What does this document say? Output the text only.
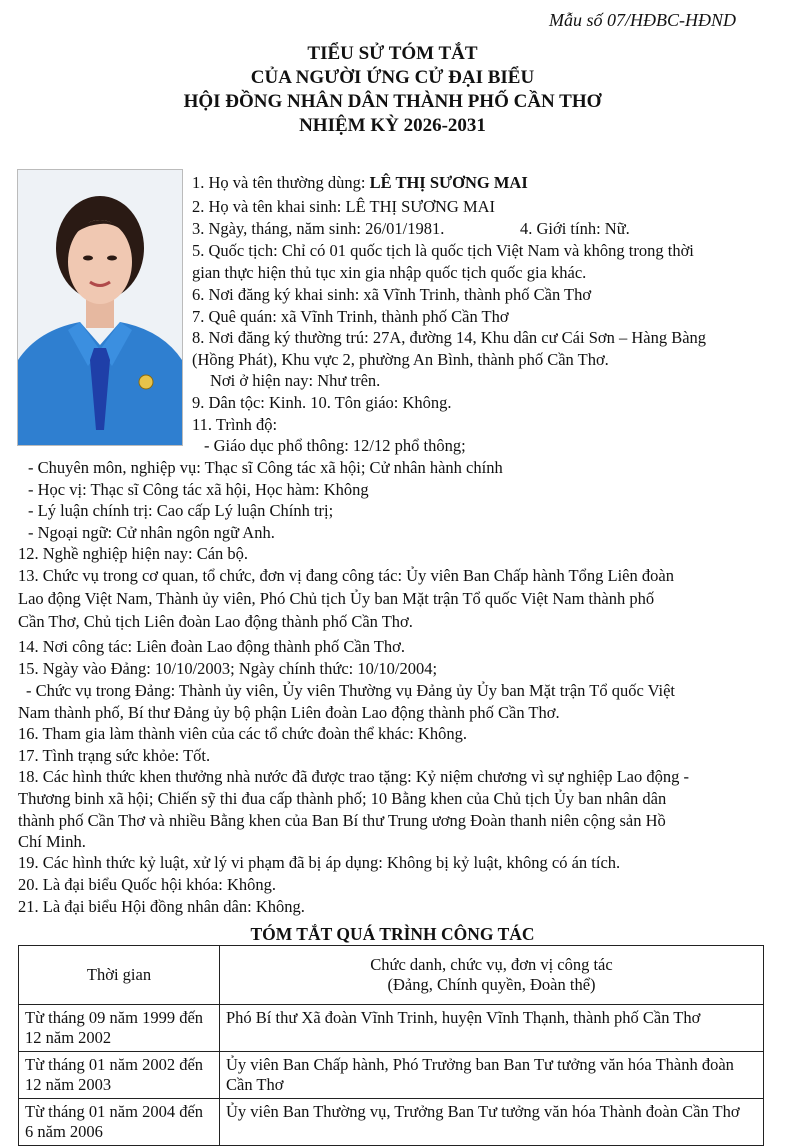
Mẫu số 07/HĐBC-HĐND
TIỂU SỬ TÓM TẮT
CỦA NGƯỜI ỨNG CỬ ĐẠI BIỂU
HỘI ĐỒNG NHÂN DÂN THÀNH PHỐ CẦN THƠ
NHIỆM KỲ 2026-2031
1. Họ và tên thường dùng: LÊ THỊ SƯƠNG MAI
2. Họ và tên khai sinh: LÊ THỊ SƯƠNG MAI
3. Ngày, tháng, năm sinh: 26/01/1981.	4. Giới tính: Nữ.
5. Quốc tịch: Chỉ có 01 quốc tịch là quốc tịch Việt Nam và không trong thời
gian thực hiện thủ tục xin gia nhập quốc tịch quốc gia khác.
6. Nơi đăng ký khai sinh: xã Vĩnh Trinh, thành phố Cần Thơ
7. Quê quán: xã Vĩnh Trinh, thành phố Cần Thơ
8. Nơi đăng ký thường trú: 27A, đường 14, Khu dân cư Cái Sơn – Hàng Bàng
(Hồng Phát), Khu vực 2, phường An Bình, thành phố Cần Thơ.
Nơi ở hiện nay: Như trên.
9. Dân tộc: Kinh. 10. Tôn giáo: Không.
11. Trình độ:
- Giáo dục phổ thông: 12/12 phổ thông;
- Chuyên môn, nghiệp vụ: Thạc sĩ Công tác xã hội; Cử nhân hành chính
- Học vị: Thạc sĩ Công tác xã hội, Học hàm: Không
- Lý luận chính trị: Cao cấp Lý luận Chính trị;
- Ngoại ngữ: Cử nhân ngôn ngữ Anh.
12. Nghề nghiệp hiện nay: Cán bộ.
13. Chức vụ trong cơ quan, tổ chức, đơn vị đang công tác: Ủy viên Ban Chấp hành Tổng Liên đoàn
Lao động Việt Nam, Thành ủy viên, Phó Chủ tịch Ủy ban Mặt trận Tổ quốc Việt Nam thành phố
Cần Thơ, Chủ tịch Liên đoàn Lao động thành phố Cần Thơ.
14. Nơi công tác: Liên đoàn Lao động thành phố Cần Thơ.
15. Ngày vào Đảng: 10/10/2003; Ngày chính thức: 10/10/2004;
- Chức vụ trong Đảng: Thành ủy viên, Ủy viên Thường vụ Đảng ủy Ủy ban Mặt trận Tổ quốc Việt
Nam thành phố, Bí thư Đảng ủy bộ phận Liên đoàn Lao động thành phố Cần Thơ.
16. Tham gia làm thành viên của các tổ chức đoàn thể khác: Không.
17. Tình trạng sức khỏe: Tốt.
18. Các hình thức khen thưởng nhà nước đã được trao tặng: Kỷ niệm chương vì sự nghiệp Lao động -
Thương binh xã hội; Chiến sỹ thi đua cấp thành phố; 10 Bằng khen của Chủ tịch Ủy ban nhân dân
thành phố Cần Thơ và nhiều Bằng khen của Ban Bí thư Trung ương Đoàn thanh niên cộng sản Hồ
Chí Minh.
19. Các hình thức kỷ luật, xử lý vi phạm đã bị áp dụng: Không bị kỷ luật, không có án tích.
20. Là đại biểu Quốc hội khóa: Không.
21. Là đại biểu Hội đồng nhân dân: Không.
TÓM TẮT QUÁ TRÌNH CÔNG TÁC
Thời gian	Chức danh, chức vụ, đơn vị công tác
(Đảng, Chính quyền, Đoàn thể)

Từ tháng 09 năm 1999 đến 12 năm 2002	Phó Bí thư Xã đoàn Vĩnh Trinh, huyện Vĩnh Thạnh, thành phố Cần Thơ
Từ tháng 01 năm 2002 đến 12 năm 2003	Ủy viên Ban Chấp hành, Phó Trưởng ban Ban Tư tưởng văn hóa Thành đoàn Cần Thơ
Từ tháng 01 năm 2004 đến 6 năm 2006	Ủy viên Ban Thường vụ, Trưởng Ban Tư tưởng văn hóa Thành đoàn Cần Thơ
